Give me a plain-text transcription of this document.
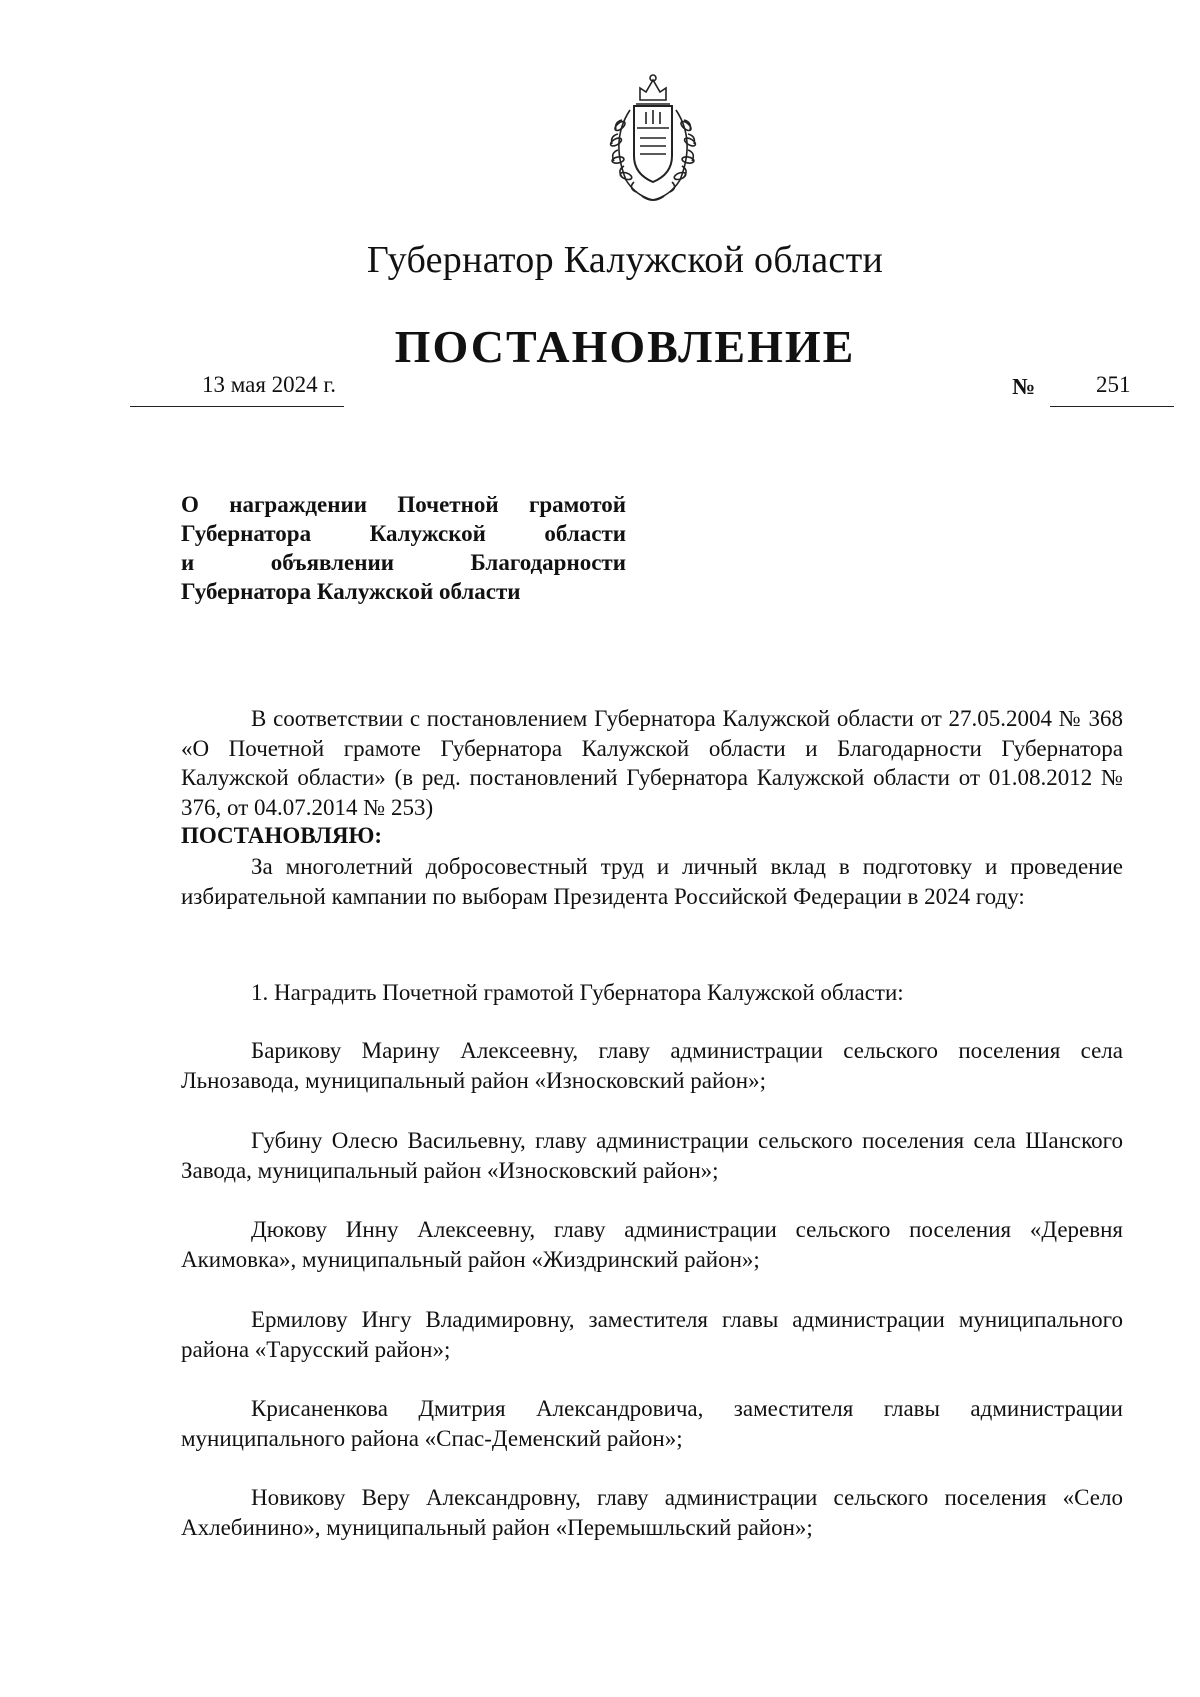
Губернатор Калужской области
ПОСТАНОВЛЕНИЕ
13 мая 2024 г.	№	251
О награждении Почетной грамотой
Губернатора Калужской области
и объявлении Благодарности
Губернатора Калужской области
В соответствии с постановлением Губернатора Калужской области от 27.05.2004 № 368 «О Почетной грамоте Губернатора Калужской области и Благодарности Губернатора Калужской области» (в ред. постановлений Губернатора Калужской области от 01.08.2012 № 376, от 04.07.2014 № 253)
ПОСТАНОВЛЯЮ:
За многолетний добросовестный труд и личный вклад в подготовку и проведение избирательной кампании по выборам Президента Российской Федерации в 2024 году:
1. Наградить Почетной грамотой Губернатора Калужской области:
Барикову Марину Алексеевну, главу администрации сельского поселения села Льнозавода, муниципальный район «Износковский район»;
Губину Олесю Васильевну, главу администрации сельского поселения села Шанского Завода, муниципальный район «Износковский район»;
Дюкову Инну Алексеевну, главу администрации сельского поселения «Деревня Акимовка», муниципальный район «Жиздринский район»;
Ермилову Ингу Владимировну, заместителя главы администрации муниципального района «Тарусский район»;
Крисаненкова Дмитрия Александровича, заместителя главы администрации муниципального района «Спас-Деменский район»;
Новикову Веру Александровну, главу администрации сельского поселения «Село Ахлебинино», муниципальный район «Перемышльский район»;
